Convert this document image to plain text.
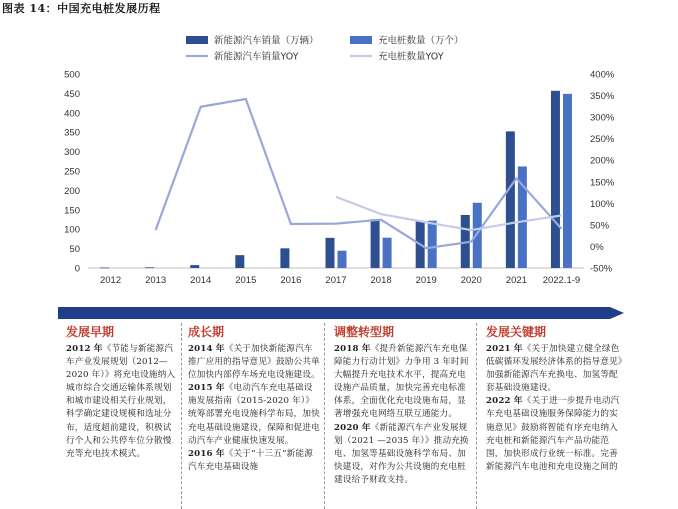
图表 14：中国充电桩发展历程
新能源汽车销量（万辆）	充电桩数量（万个）
新能源汽车销量YOY	充电桩数量YOY
0
50
100
150
200
250
300
350
400
450
500
-50%
0%
50%
100%
150%
200%
250%
300%
350%
400%
2012	2013	2014	2015	2016	2017	2018	2019	2020	2021 2022.1-9
发展早期

2012 年《节能与新能源汽车产业发展规划（2012—2020 年）》将充电设施纳入城市综合交通运输体系规划和城市建设相关行业规划，科学确定建设规模和选址分布，适度超前建设，积极试行个人和公共停车位分散慢充等充电技术模式。

成长期

2014 年《关于加快新能源汽车推广应用的指导意见》鼓励公共单位加快内部停车场充电设施建设。

2015 年《电动汽车充电基础设施发展指南（2015-2020 年）》统筹部署充电设施科学布局，加快充电基础设施建设，保障和促进电动汽车产业健康快速发展。

2016 年《关于“十三五”新能源汽车充电基础设施

调整转型期

2018 年《提升新能源汽车充电保障能力行动计划》力争用 3 年时间大幅提升充电技术水平，提高充电设施产品质量，加快完善充电标准体系，全面优化充电设施布局，显著增强充电网络互联互通能力。

2020 年《新能源汽车产业发展规划（2021 —2035 年）》推动充换电、加氢等基础设施科学布局、加快建设，对作为公共设施的充电桩建设给予财政支持。

发展关键期

2021 年《关于加快建立健全绿色低碳循环发展经济体系的指导意见》加强新能源汽车充换电、加氢等配套基础设施建设。

2022 年《关于进一步提升电动汽车充电基础设施服务保障能力的实施意见》鼓励将智能有序充电纳入充电桩和新能源汽车产品功能范围，加快形成行业统一标准。完善新能源汽车电池和充电设施之间的
